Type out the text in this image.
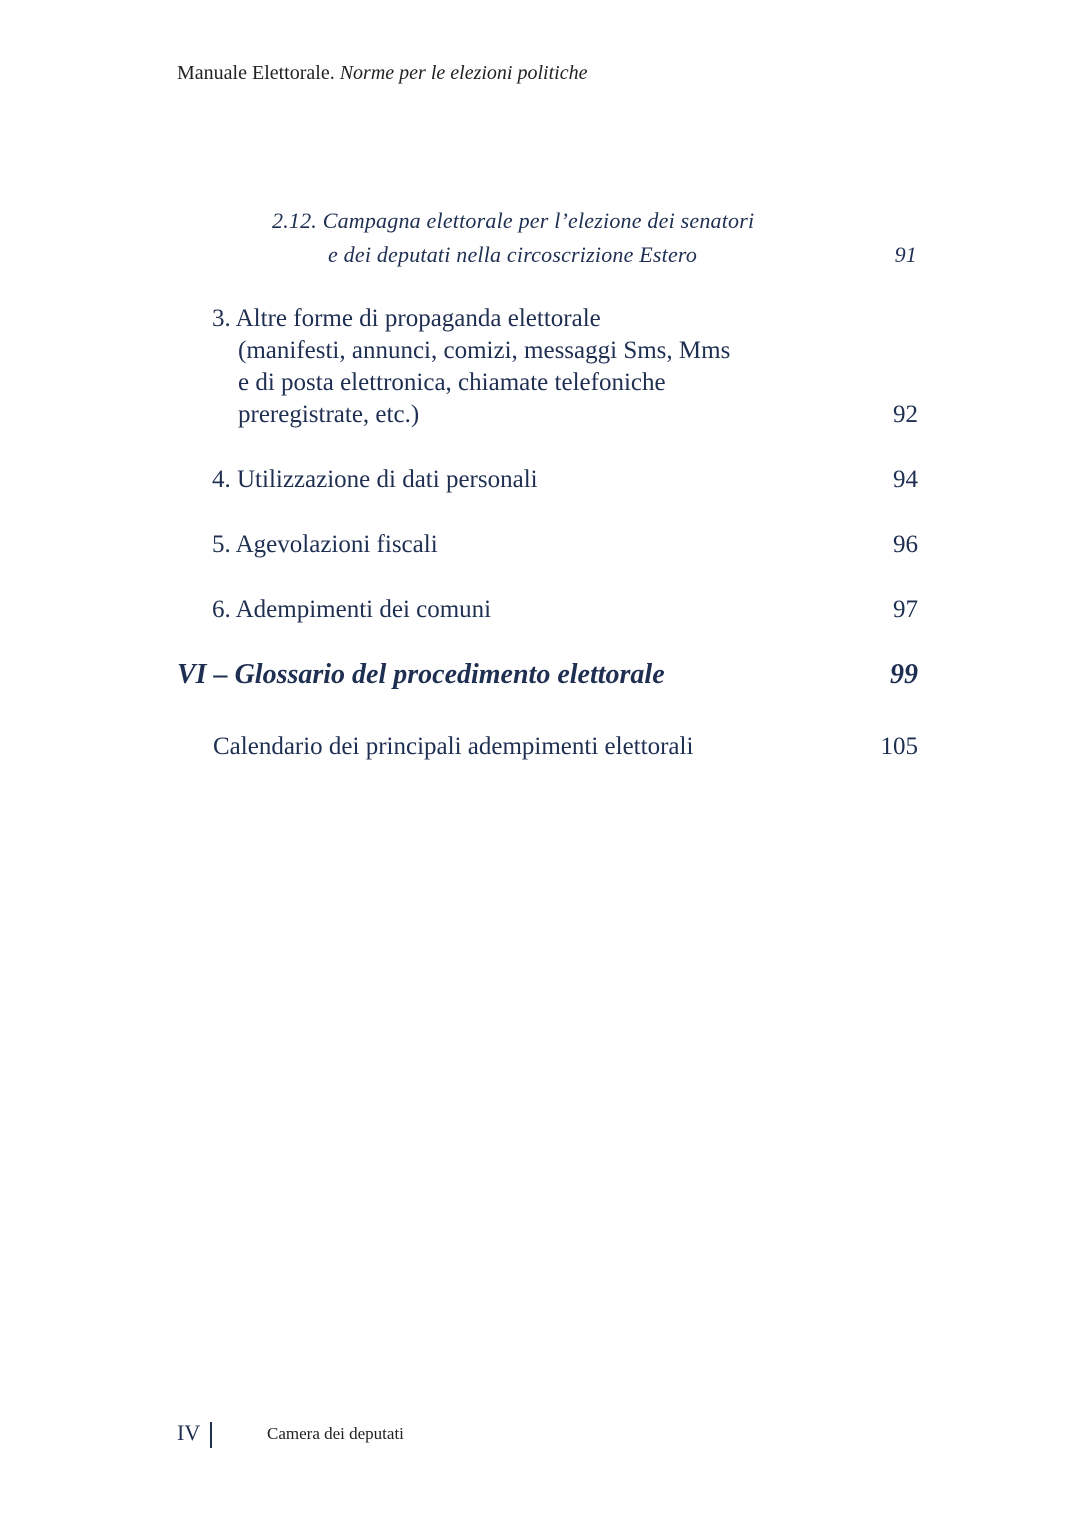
Manuale Elettorale. Norme per le elezioni politiche
2.12. Campagna elettorale per l’elezione dei senatori
e dei deputati nella circoscrizione Estero	91
3. Altre forme di propaganda elettorale
(manifesti, annunci, comizi, messaggi Sms, Mms
e di posta elettronica, chiamate telefoniche
preregistrate, etc.)	92
4. Utilizzazione di dati personali	94
5. Agevolazioni fiscali	96
6. Adempimenti dei comuni	97
VI – Glossario del procedimento elettorale	99
Calendario dei principali adempimenti elettorali	105
IV	Camera dei deputati
